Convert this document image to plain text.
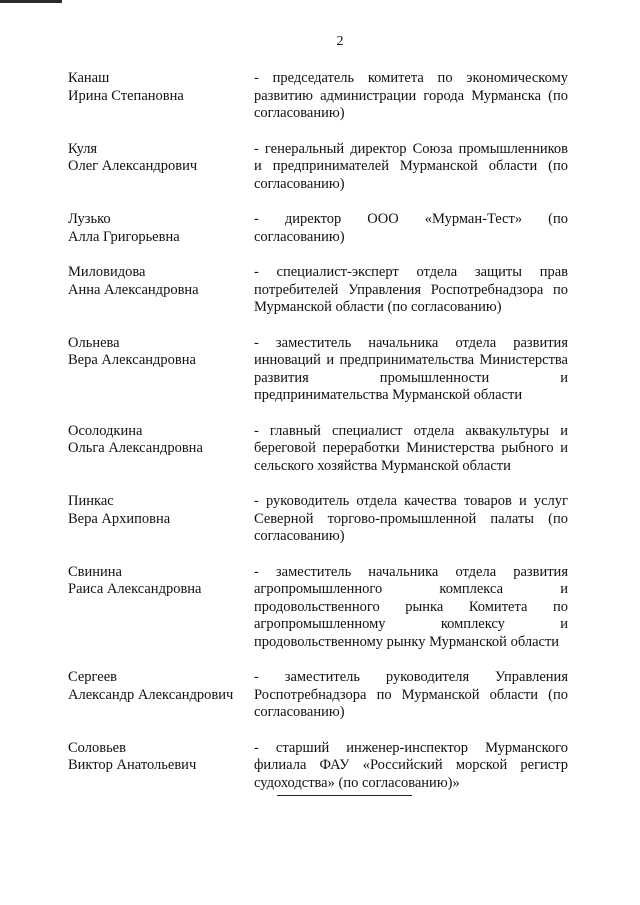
2
Канаш
Ирина Степановна
- председатель комитета по экономическому развитию администрации города Мурманска (по согласованию)
Куля
Олег Александрович
- генеральный директор Союза промышленников и предпринимателей Мурманской области (по согласованию)
Лузько
Алла Григорьевна
- директор ООО «Мурман-Тест» (по согласованию)
Миловидова
Анна Александровна
- специалист-эксперт отдела защиты прав потребителей Управления Роспотребнадзора по Мурманской области (по согласованию)
Ольнева
Вера Александровна
- заместитель начальника отдела развития инноваций и предпринимательства Министерства развития промышленности и предпринимательства Мурманской области
Осолодкина
Ольга Александровна
- главный специалист отдела аквакультуры и береговой переработки Министерства рыбного и сельского хозяйства Мурманской области
Пинкас
Вера Архиповна
- руководитель отдела качества товаров и услуг Северной торгово-промышленной палаты (по согласованию)
Свинина
Раиса Александровна
- заместитель начальника отдела развития агропромышленного комплекса и продовольственного рынка Комитета по агропромышленному комплексу и продовольственному рынку Мурманской области
Сергеев
Александр Александрович
- заместитель руководителя Управления Роспотребнадзора по Мурманской области (по согласованию)
Соловьев
Виктор Анатольевич
- старший инженер-инспектор Мурманского филиала ФАУ «Российский морской регистр судоходства» (по согласованию)»
